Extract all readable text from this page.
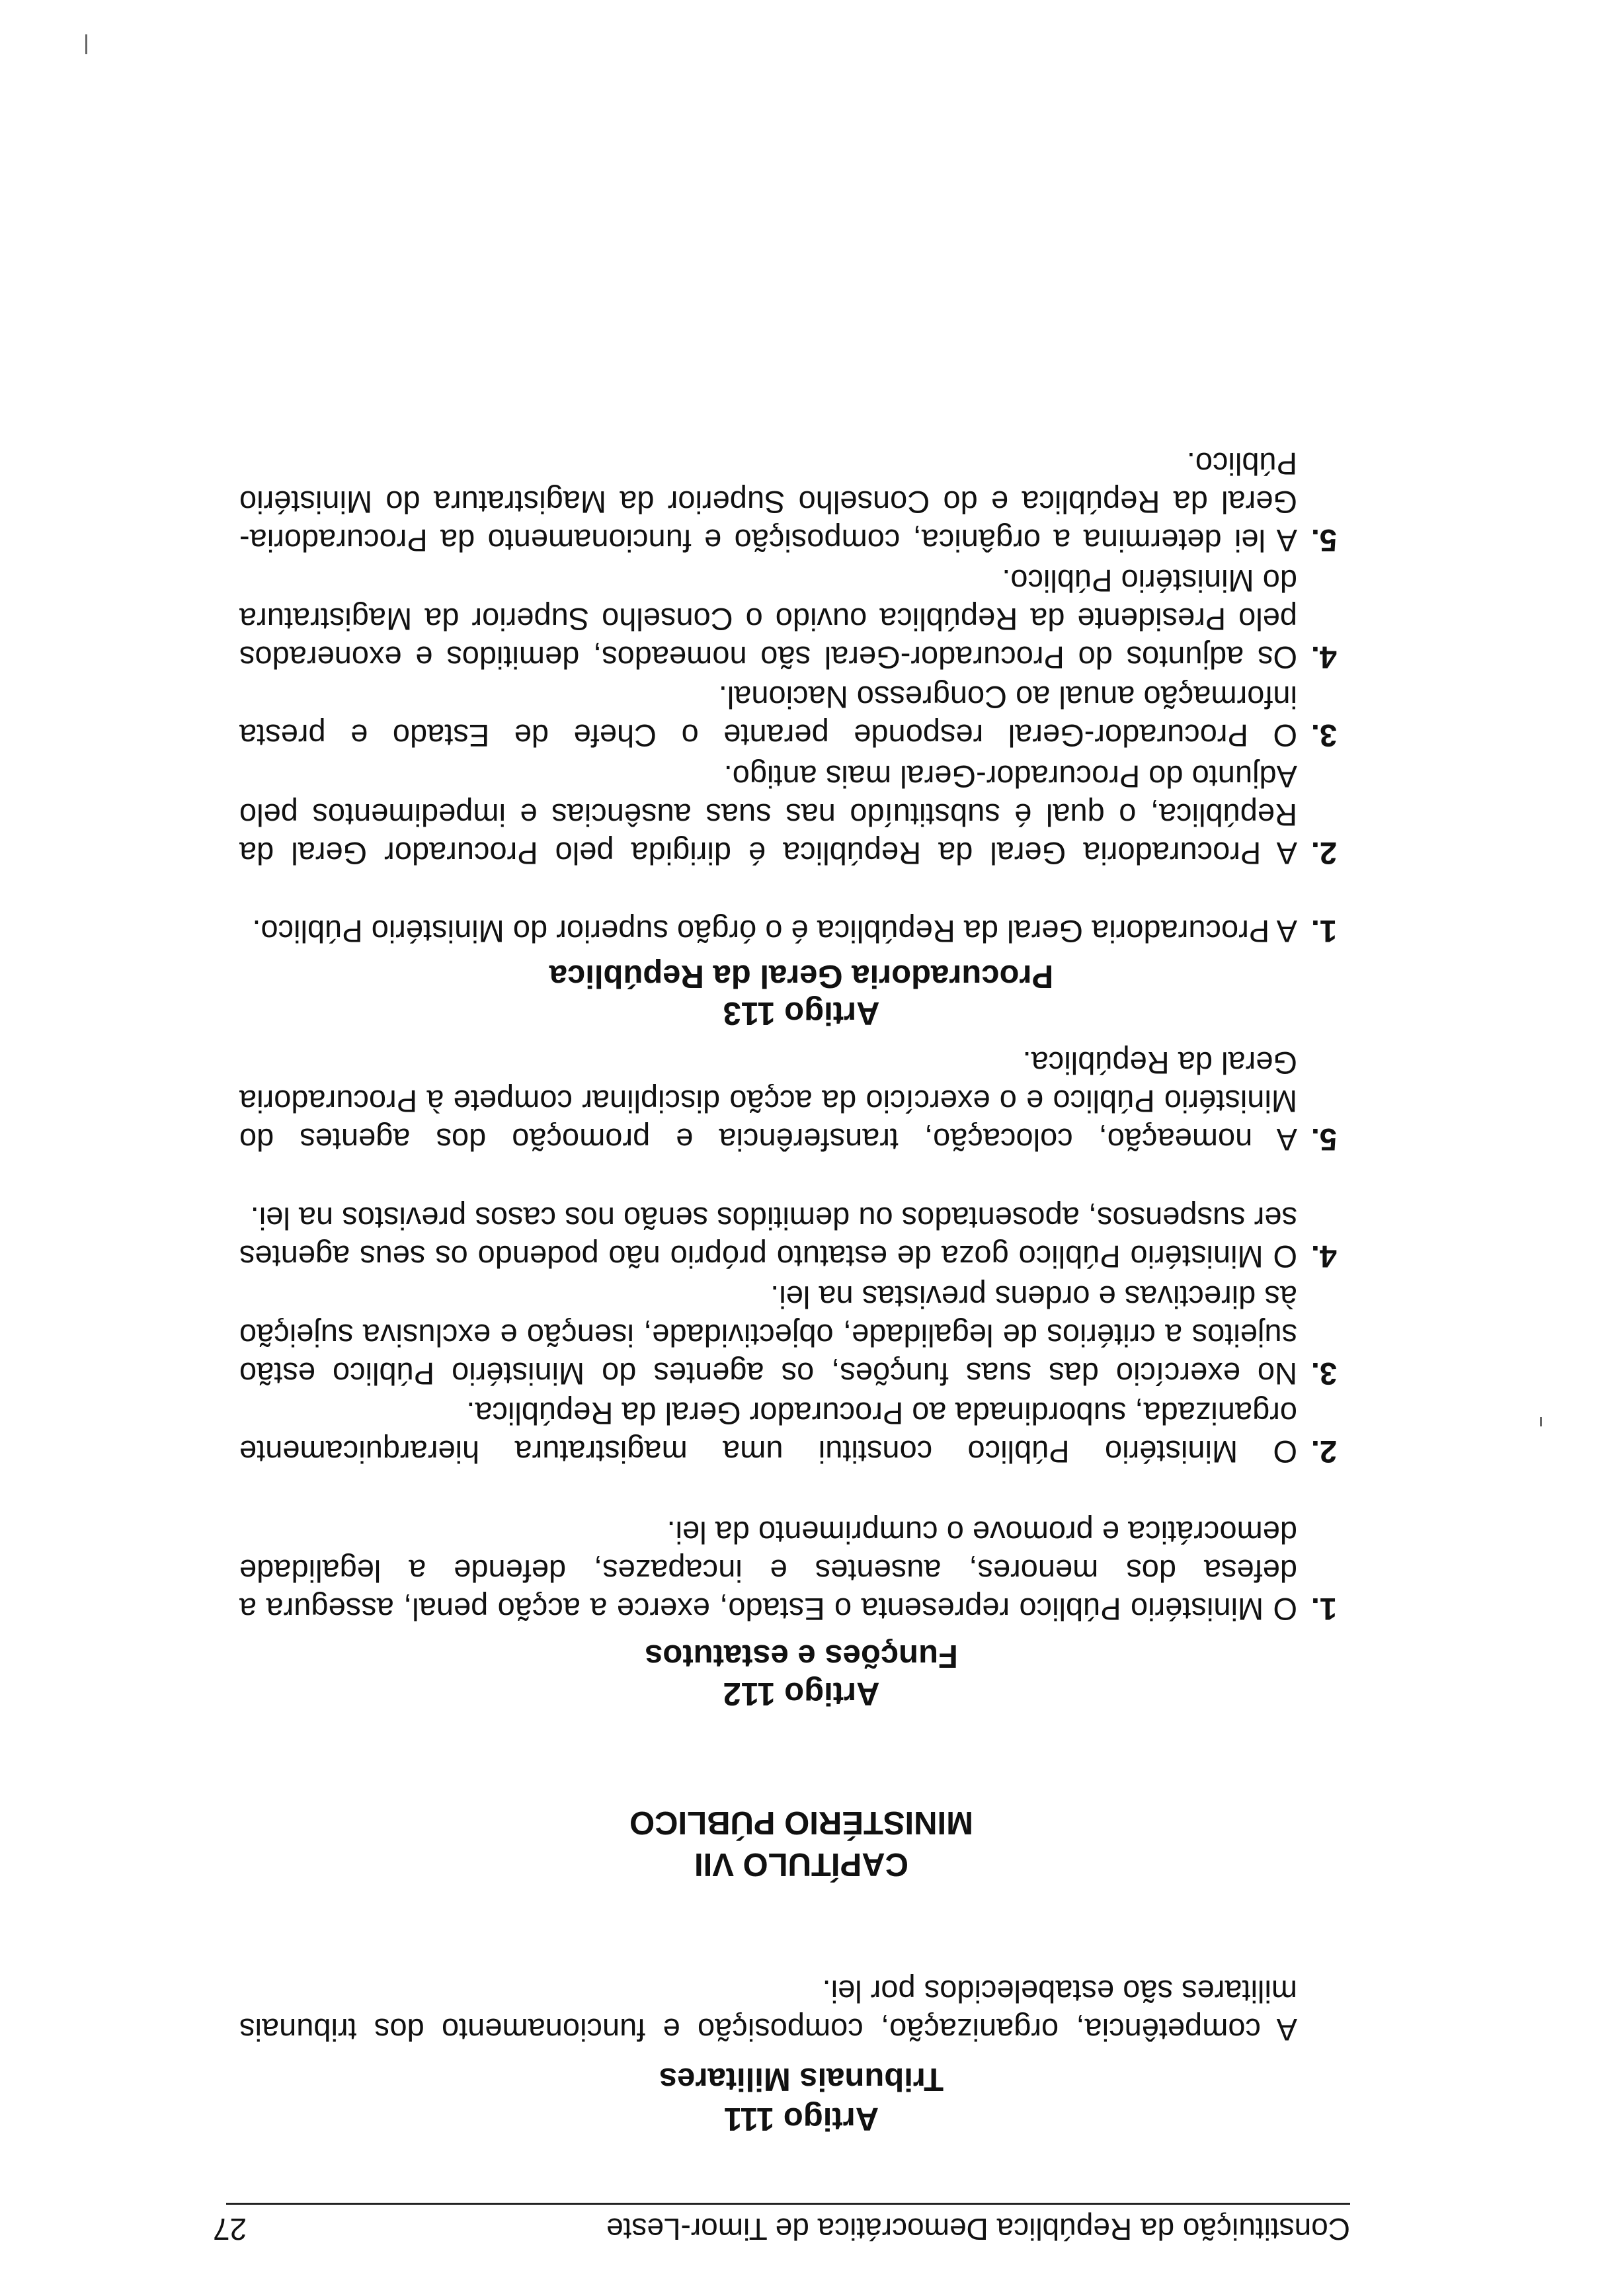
Constituição da República Democrática de Timor-Leste
27
Artigo 111
Tribunais Militares
A competência, organização, composição e funcionamento dos tribunais militares são estabelecidos por lei.
CAPÍTULO VII
MINISTÉRIO PÚBLICO
Artigo 112
Funções e estatutos
1.
O Ministério Público representa o Estado, exerce a acção penal, assegura a defesa dos menores, ausentes e incapazes, defende a legalidade democrática e promove o cumprimento da lei.
2.
O Ministério Público constitui uma magistratura hierarquicamente organizada, subordinada ao Procurador Geral da República.
3.
No exercício das suas funções, os agentes do Ministério Público estão sujeitos a critérios de legalidade, objectividade, isenção e exclusiva sujeição às directivas e ordens previstas na lei.
4.
O Ministério Público goza de estatuto próprio não podendo os seus agentes ser suspensos, aposentados ou demitidos senão nos casos previstos na lei.
5.
A nomeação, colocação, transferência e promoção dos agentes do Ministério Público e o exercício da acção disciplinar compete à Procuradoria Geral da República.
Artigo 113
Procuradoria Geral da República
1.
A Procuradoria Geral da República é o órgão superior do Ministério Público.
2.
A Procuradoria Geral da República é dirigida pelo Procurador Geral da República, o qual é substituído nas suas ausências e impedimentos pelo Adjunto do Procurador-Geral mais antigo.
3.
O Procurador-Geral responde perante o Chefe de Estado e presta informação anual ao Congresso Nacional.
4.
Os adjuntos do Procurador-Geral são nomeados, demitidos e exonerados pelo Presidente da República ouvido o Conselho Superior da Magistratura do Ministério Público.
5.
A lei determina a orgânica, composição e funcionamento da Procuradoria-Geral da República e do Conselho Superior da Magistratura do Ministério Público.
